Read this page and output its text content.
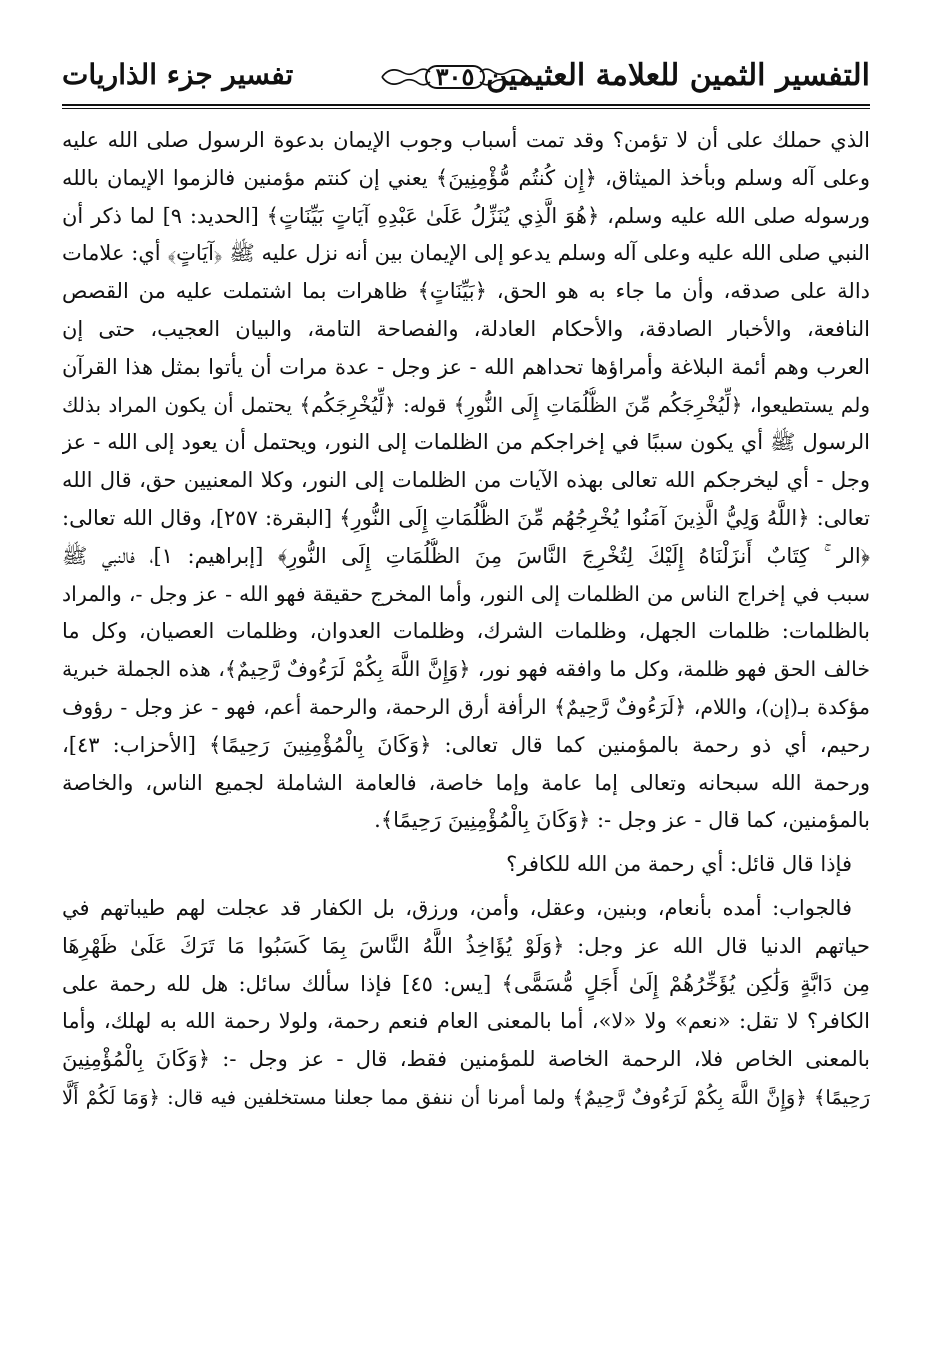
التفسير الثمين للعلامة العثيمين
٣٠٥
تفسير جزء الذاريات
الذي حملك على أن لا تؤمن؟ وقد تمت أسباب وجوب الإيمان بدعوة الرسول صلى الله عليه
وعلى آله وسلم وبأخذ الميثاق، ﴿إِن كُنتُم مُّؤْمِنِينَ﴾ يعني إن كنتم مؤمنين فالزموا الإيمان بالله
ورسوله صلى الله عليه وسلم، ﴿هُوَ الَّذِي يُنَزِّلُ عَلَىٰ عَبْدِهِ آيَاتٍ بَيِّنَاتٍ﴾ [الحديد: ٩] لما ذكر أن
النبي صلى الله عليه وعلى آله وسلم يدعو إلى الإيمان بين أنه نزل عليه ﷺ ﴿آيَاتٍ﴾ أي: علامات
دالة على صدقه، وأن ما جاء به هو الحق، ﴿بَيِّنَاتٍ﴾ ظاهرات بما اشتملت عليه من القصص
النافعة، والأخبار الصادقة، والأحكام العادلة، والفصاحة التامة، والبيان العجيب، حتى إن
العرب وهم أئمة البلاغة وأمراؤها تحداهم الله - عز وجل - عدة مرات أن يأتوا بمثل هذا القرآن
ولم يستطيعوا، ﴿لِّيُخْرِجَكُم مِّنَ الظُّلُمَاتِ إِلَى النُّورِ﴾ قوله: ﴿لِّيُخْرِجَكُم﴾ يحتمل أن يكون المراد بذلك
الرسول ﷺ أي يكون سببًا في إخراجكم من الظلمات إلى النور، ويحتمل أن يعود إلى الله - عز
وجل - أي ليخرجكم الله تعالى بهذه الآيات من الظلمات إلى النور، وكلا المعنيين حق، قال الله
تعالى: ﴿اللَّهُ وَلِيُّ الَّذِينَ آمَنُوا يُخْرِجُهُم مِّنَ الظُّلُمَاتِ إِلَى النُّورِ﴾ [البقرة: ٢٥٧]، وقال الله تعالى:
﴿الر ۚ كِتَابٌ أَنزَلْنَاهُ إِلَيْكَ لِتُخْرِجَ النَّاسَ مِنَ الظُّلُمَاتِ إِلَى النُّورِ﴾ [إبراهيم: ١]، فالنبي ﷺ
سبب في إخراج الناس من الظلمات إلى النور، وأما المخرج حقيقة فهو الله - عز وجل -، والمراد
بالظلمات: ظلمات الجهل، وظلمات الشرك، وظلمات العدوان، وظلمات العصيان، وكل ما
خالف الحق فهو ظلمة، وكل ما وافقه فهو نور، ﴿وَإِنَّ اللَّهَ بِكُمْ لَرَءُوفٌ رَّحِيمٌ﴾، هذه الجملة خبرية
مؤكدة بـ(إن)، واللام، ﴿لَرَءُوفٌ رَّحِيمٌ﴾ الرأفة أرق الرحمة، والرحمة أعم، فهو - عز وجل - رؤوف
رحيم، أي ذو رحمة بالمؤمنين كما قال تعالى: ﴿وَكَانَ بِالْمُؤْمِنِينَ رَحِيمًا﴾ [الأحزاب: ٤٣]،
ورحمة الله سبحانه وتعالى إما عامة وإما خاصة، فالعامة الشاملة لجميع الناس، والخاصة
بالمؤمنين، كما قال - عز وجل -: ﴿وَكَانَ بِالْمُؤْمِنِينَ رَحِيمًا﴾.
فإذا قال قائل: أي رحمة من الله للكافر؟
فالجواب: أمده بأنعام، وبنين، وعقل، وأمن، ورزق، بل الكفار قد عجلت لهم طيباتهم في
حياتهم الدنيا قال الله عز وجل: ﴿وَلَوْ يُؤَاخِذُ اللَّهُ النَّاسَ بِمَا كَسَبُوا مَا تَرَكَ عَلَىٰ ظَهْرِهَا
مِن دَابَّةٍ وَلَٰكِن يُؤَخِّرُهُمْ إِلَىٰ أَجَلٍ مُّسَمًّى﴾ [يس: ٤٥] فإذا سألك سائل: هل لله رحمة على
الكافر؟ لا تقل: «نعم» ولا «لا»، أما بالمعنى العام فنعم رحمة، ولولا رحمة الله به لهلك، وأما
بالمعنى الخاص فلا، الرحمة الخاصة للمؤمنين فقط، قال - عز وجل -: ﴿وَكَانَ بِالْمُؤْمِنِينَ
رَحِيمًا﴾ ﴿وَإِنَّ اللَّهَ بِكُمْ لَرَءُوفٌ رَّحِيمٌ﴾ ولما أمرنا أن ننفق مما جعلنا مستخلفين فيه قال: ﴿وَمَا لَكُمْ أَلَّا
